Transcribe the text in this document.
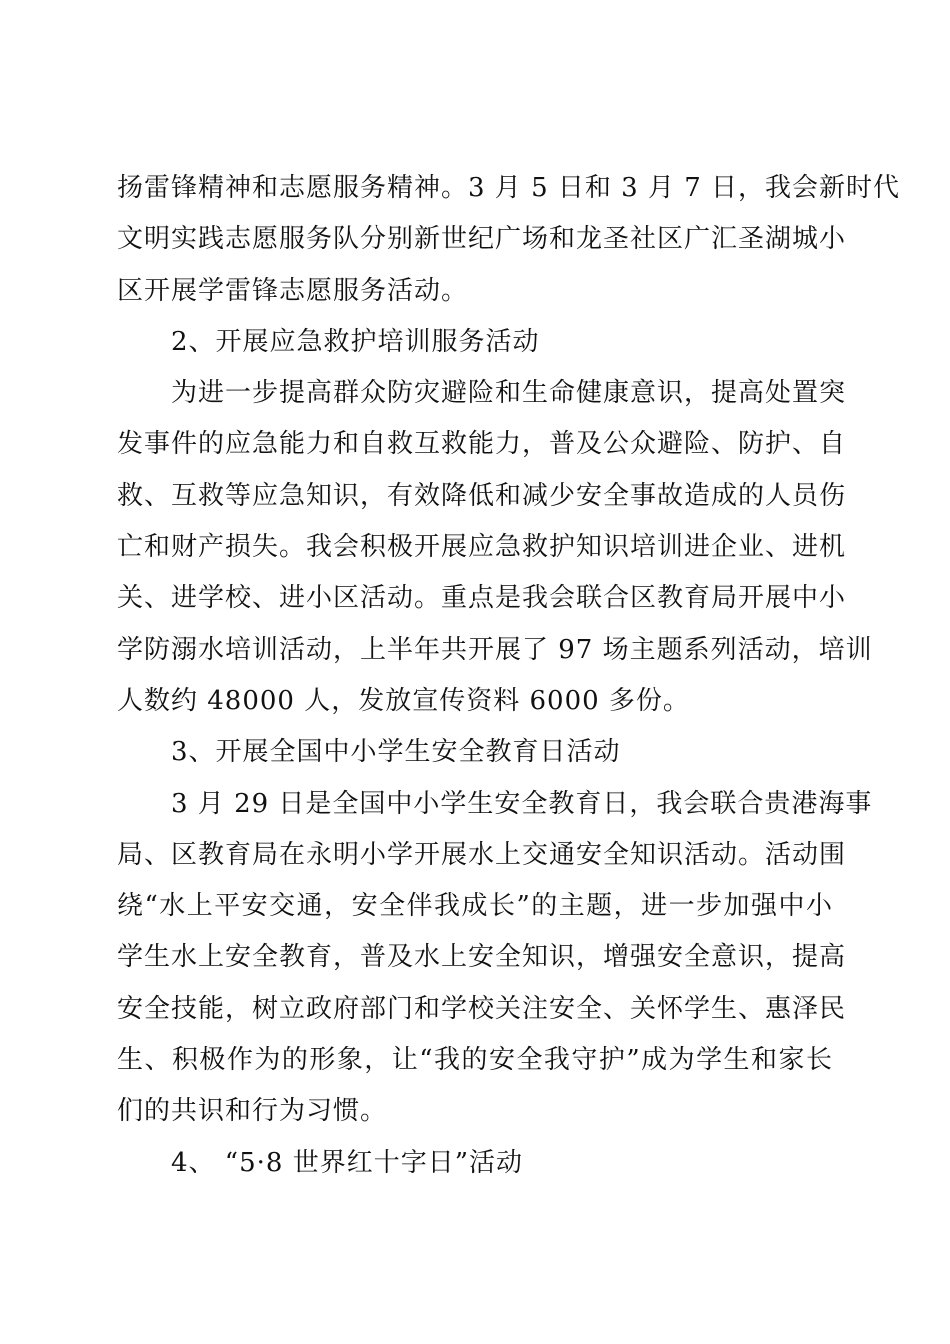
扬雷锋精神和志愿服务精神。3 月 5 日和 3 月 7 日，我会新时代
文明实践志愿服务队分别新世纪广场和龙圣社区广汇圣湖城小
区开展学雷锋志愿服务活动。
2、开展应急救护培训服务活动
为进一步提高群众防灾避险和生命健康意识，提高处置突
发事件的应急能力和自救互救能力，普及公众避险、防护、自
救、互救等应急知识，有效降低和减少安全事故造成的人员伤
亡和财产损失。我会积极开展应急救护知识培训进企业、进机
关、进学校、进小区活动。重点是我会联合区教育局开展中小
学防溺水培训活动，上半年共开展了 97 场主题系列活动，培训
人数约 48000 人，发放宣传资料 6000 多份。
3、开展全国中小学生安全教育日活动
3 月 29 日是全国中小学生安全教育日，我会联合贵港海事
局、区教育局在永明小学开展水上交通安全知识活动。活动围
绕“水上平安交通，安全伴我成长”的主题，进一步加强中小
学生水上安全教育，普及水上安全知识，增强安全意识，提高
安全技能，树立政府部门和学校关注安全、关怀学生、惠泽民
生、积极作为的形象，让“我的安全我守护”成为学生和家长
们的共识和行为习惯。
4、 “5·8 世界红十字日”活动
